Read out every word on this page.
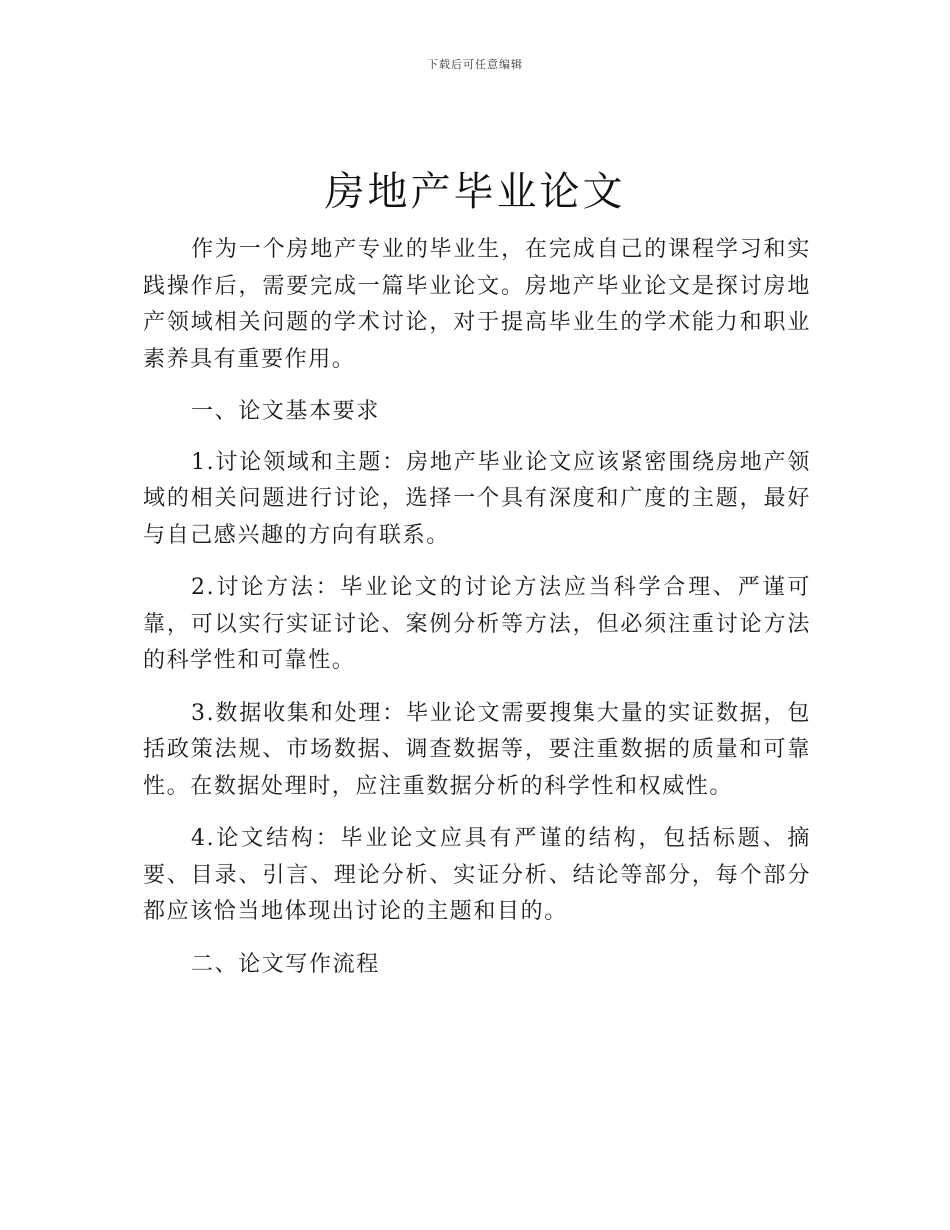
下载后可任意编辑
房地产毕业论文

作为一个房地产专业的毕业生，在完成自己的课程学习和实践操作后，需要完成一篇毕业论文。房地产毕业论文是探讨房地产领域相关问题的学术讨论，对于提高毕业生的学术能力和职业素养具有重要作用。

一、论文基本要求

1.讨论领域和主题：房地产毕业论文应该紧密围绕房地产领域的相关问题进行讨论，选择一个具有深度和广度的主题，最好与自己感兴趣的方向有联系。

2.讨论方法：毕业论文的讨论方法应当科学合理、严谨可靠，可以实行实证讨论、案例分析等方法，但必须注重讨论方法的科学性和可靠性。

3.数据收集和处理：毕业论文需要搜集大量的实证数据，包括政策法规、市场数据、调查数据等，要注重数据的质量和可靠性。在数据处理时，应注重数据分析的科学性和权威性。

4.论文结构：毕业论文应具有严谨的结构，包括标题、摘要、目录、引言、理论分析、实证分析、结论等部分，每个部分都应该恰当地体现出讨论的主题和目的。

二、论文写作流程
